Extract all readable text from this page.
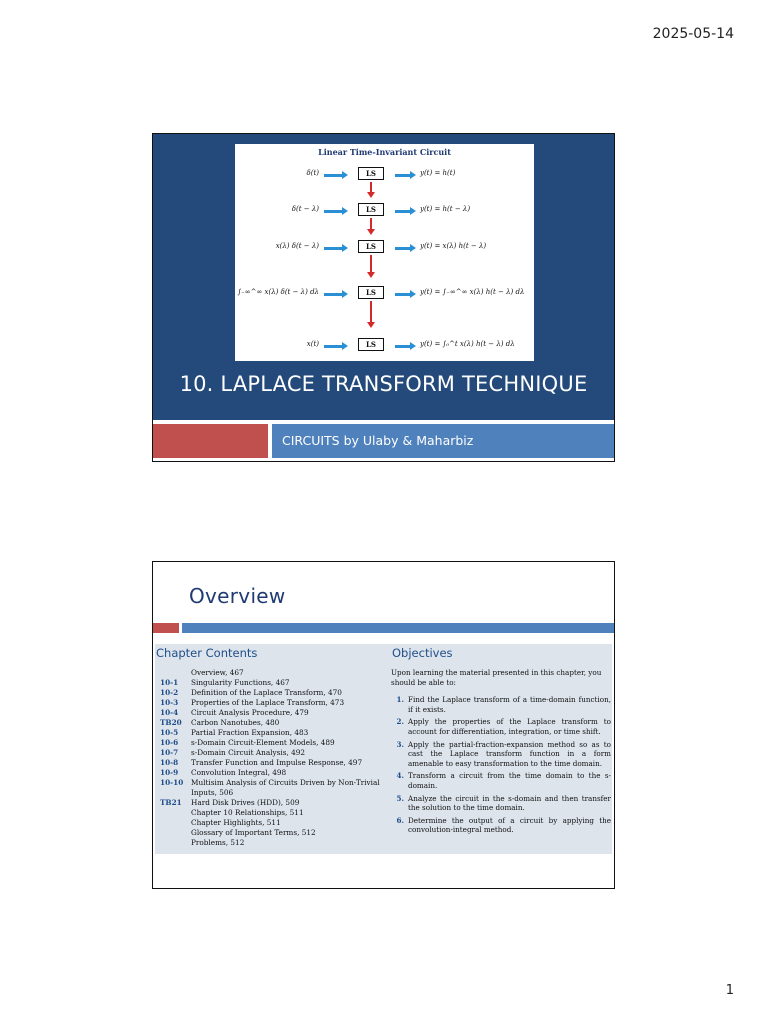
2025-05-14
Linear Time-Invariant Circuit
δ(t)	LS	y(t) = h(t)
δ(t − λ)	LS	y(t) = h(t − λ)
x(λ) δ(t − λ)	LS	y(t) = x(λ) h(t − λ)
∫₋∞^∞ x(λ) δ(t − λ) dλ	LS	y(t) = ∫₋∞^∞ x(λ) h(t − λ) dλ
x(t)	LS	y(t) = ∫₀^t x(λ) h(t − λ) dλ
10. LAPLACE TRANSFORM TECHNIQUE
CIRCUITS by Ulaby & Maharbiz
Overview
Chapter Contents	Objectives
Overview, 467
10-1	Singularity Functions, 467
10-2	Definition of the Laplace Transform, 470
10-3	Properties of the Laplace Transform, 473
10-4	Circuit Analysis Procedure, 479
TB20	Carbon Nanotubes, 480
10-5	Partial Fraction Expansion, 483
10-6	s-Domain Circuit-Element Models, 489
10-7	s-Domain Circuit Analysis, 492
10-8	Transfer Function and Impulse Response, 497
10-9	Convolution Integral, 498
10-10	Multisim Analysis of Circuits Driven by Non-Trivial Inputs, 506
TB21	Hard Disk Drives (HDD), 509
Chapter 10 Relationships, 511
Chapter Highlights, 511
Glossary of Important Terms, 512
Problems, 512
Upon learning the material presented in this chapter, you should be able to:
1. Find the Laplace transform of a time-domain function, if it exists.
2. Apply the properties of the Laplace transform to account for differentiation, integration, or time shift.
3. Apply the partial-fraction-expansion method so as to cast the Laplace transform function in a form amenable to easy transformation to the time domain.
4. Transform a circuit from the time domain to the s-domain.
5. Analyze the circuit in the s-domain and then transfer the solution to the time domain.
6. Determine the output of a circuit by applying the convolution-integral method.
1
